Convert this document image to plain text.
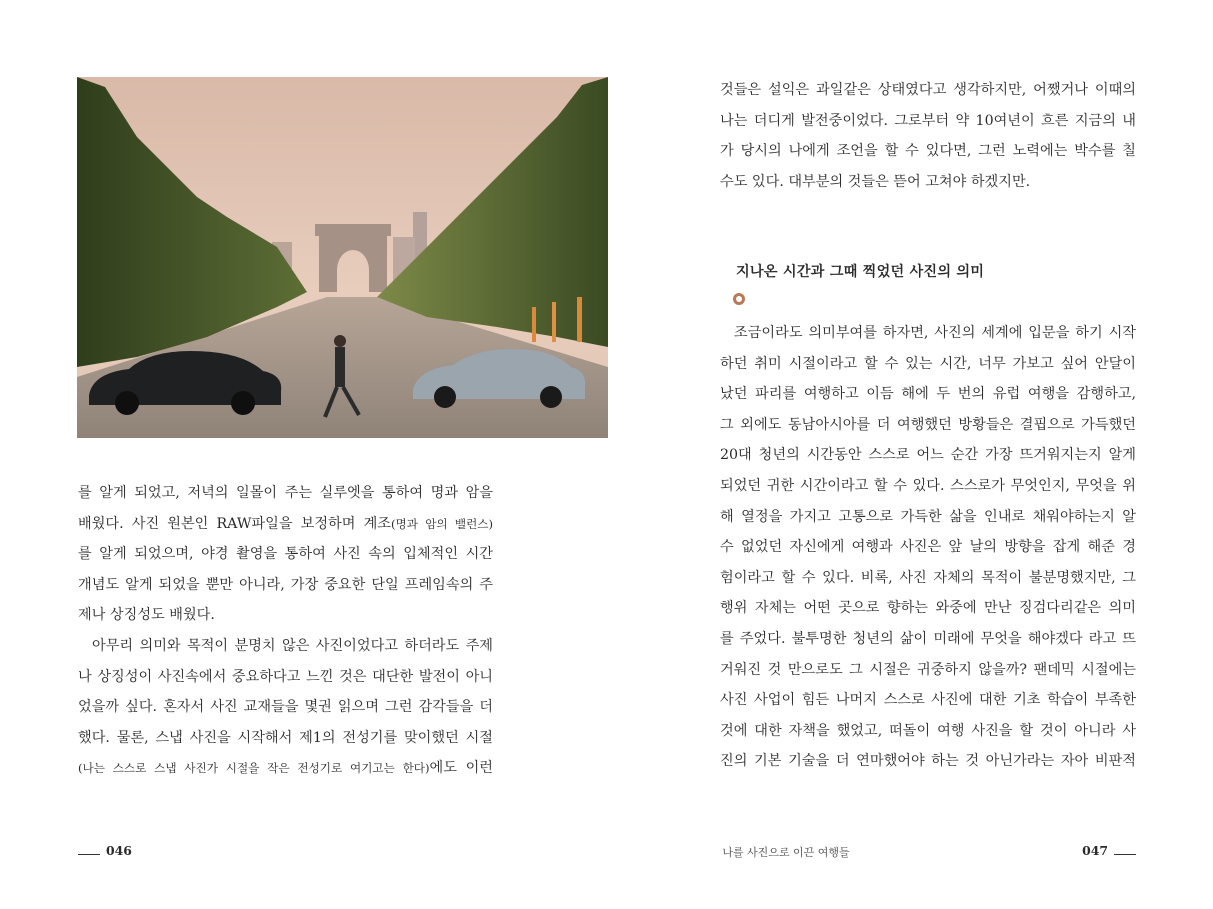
를 알게 되었고, 저녁의 일몰이 주는 실루엣을 통하여 명과 암을
배웠다. 사진 원본인 RAW파일을 보정하며 계조(명과 암의 밸런스)
를 알게 되었으며, 야경 촬영을 통하여 사진 속의 입체적인 시간
개념도 알게 되었을 뿐만 아니라, 가장 중요한 단일 프레임속의 주
제나 상징성도 배웠다.
아무리 의미와 목적이 분명치 않은 사진이었다고 하더라도 주제
나 상징성이 사진속에서 중요하다고 느낀 것은 대단한 발전이 아니
었을까 싶다. 혼자서 사진 교재들을 몇권 읽으며 그런 감각들을 더
했다. 물론, 스냅 사진을 시작해서 제1의 전성기를 맞이했던 시절
(나는 스스로 스냅 사진가 시절을 작은 전성기로 여기고는 한다)에도 이런
046
것들은 설익은 과일같은 상태였다고 생각하지만, 어쨌거나 이때의
나는 더디게 발전중이었다. 그로부터 약 10여년이 흐른 지금의 내
가 당시의 나에게 조언을 할 수 있다면, 그런 노력에는 박수를 칠
수도 있다. 대부분의 것들은 뜯어 고쳐야 하겠지만.
지나온 시간과 그때 찍었던 사진의 의미
조금이라도 의미부여를 하자면, 사진의 세계에 입문을 하기 시작
하던 취미 시절이라고 할 수 있는 시간, 너무 가보고 싶어 안달이
났던 파리를 여행하고 이듬 해에 두 번의 유럽 여행을 감행하고,
그 외에도 동남아시아를 더 여행했던 방황들은 결핍으로 가득했던
20대 청년의 시간동안 스스로 어느 순간 가장 뜨거워지는지 알게
되었던 귀한 시간이라고 할 수 있다. 스스로가 무엇인지, 무엇을 위
해 열정을 가지고 고통으로 가득한 삶을 인내로 채워야하는지 알
수 없었던 자신에게 여행과 사진은 앞 날의 방향을 잡게 해준 경
험이라고 할 수 있다. 비록, 사진 자체의 목적이 불분명했지만, 그
행위 자체는 어떤 곳으로 향하는 와중에 만난 징검다리같은 의미
를 주었다. 불투명한 청년의 삶이 미래에 무엇을 해야겠다 라고 뜨
거워진 것 만으로도 그 시절은 귀중하지 않을까? 팬데믹 시절에는
사진 사업이 힘든 나머지 스스로 사진에 대한 기초 학습이 부족한
것에 대한 자책을 했었고, 떠돌이 여행 사진을 할 것이 아니라 사
진의 기본 기술을 더 연마했어야 하는 것 아닌가라는 자아 비판적
나를 사진으로 이끈 여행들	047
